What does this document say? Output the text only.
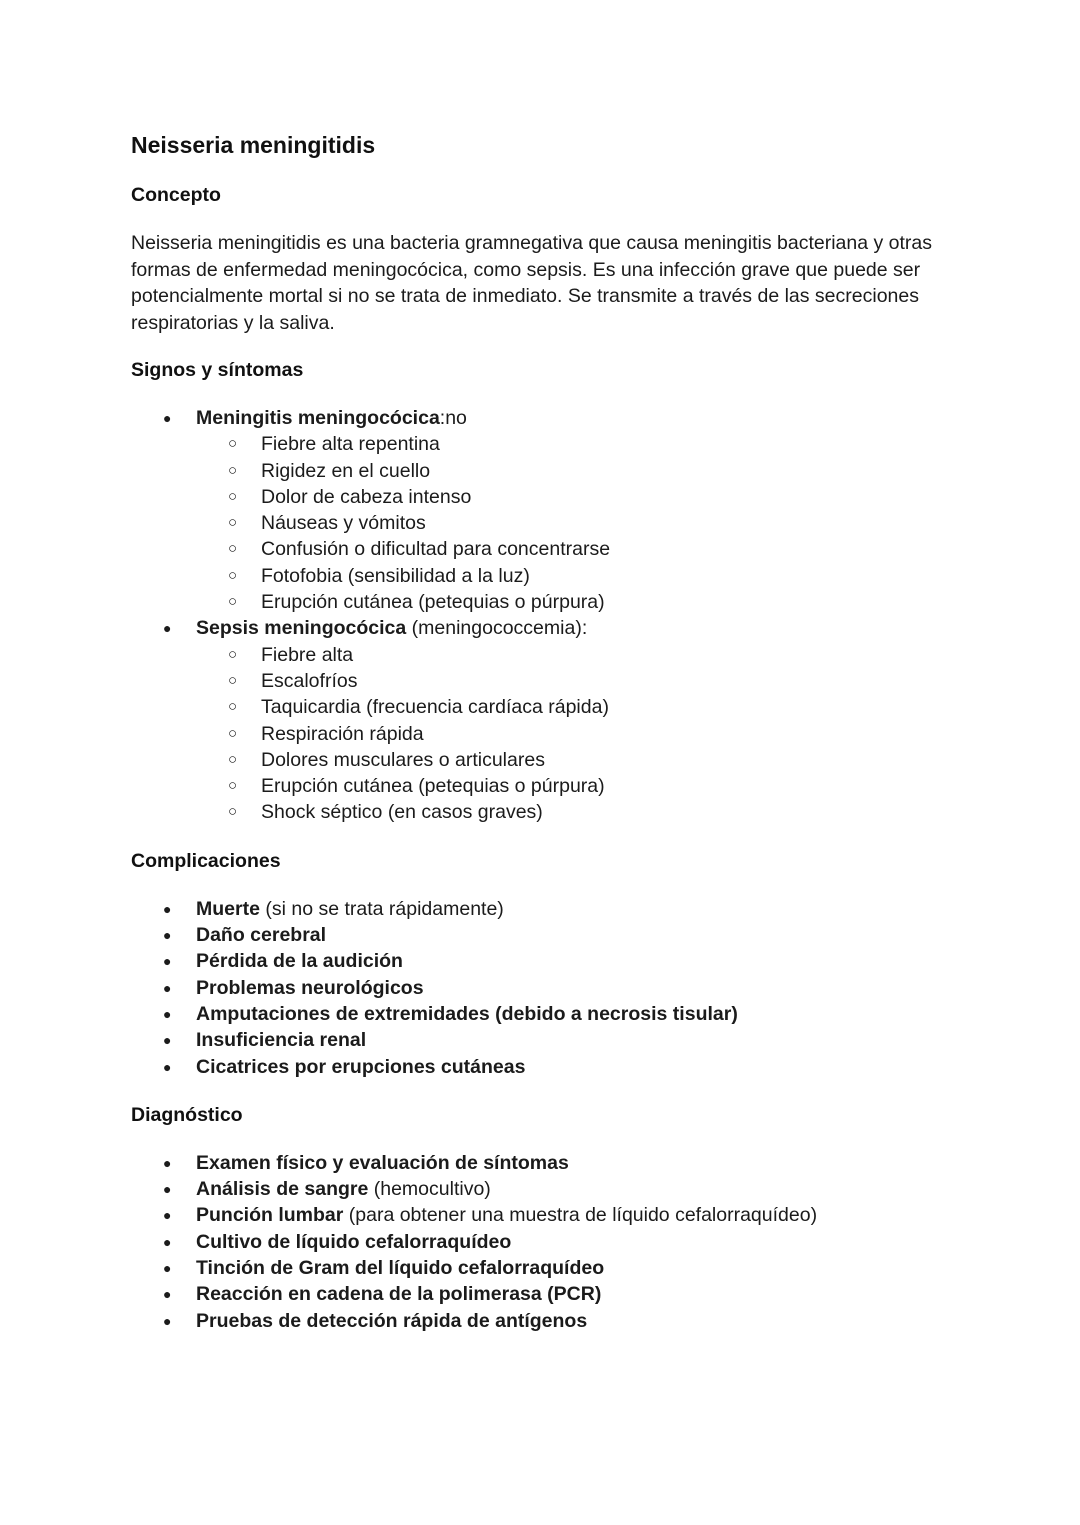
Neisseria meningitidis
Concepto

Neisseria meningitidis es una bacteria gramnegativa que causa meningitis bacteriana y otras formas de enfermedad meningocócica, como sepsis. Es una infección grave que puede ser potencialmente mortal si no se trata de inmediato. Se transmite a través de las secreciones respiratorias y la saliva.

Signos y síntomas
● Meningitis meningocócica:no
○ Fiebre alta repentina
○ Rigidez en el cuello
○ Dolor de cabeza intenso
○ Náuseas y vómitos
○ Confusión o dificultad para concentrarse
○ Fotofobia (sensibilidad a la luz)
○ Erupción cutánea (petequias o púrpura)
● Sepsis meningocócica (meningococcemia):
○ Fiebre alta
○ Escalofríos
○ Taquicardia (frecuencia cardíaca rápida)
○ Respiración rápida
○ Dolores musculares o articulares
○ Erupción cutánea (petequias o púrpura)
○ Shock séptico (en casos graves)
Complicaciones
● Muerte (si no se trata rápidamente)
● Daño cerebral
● Pérdida de la audición
● Problemas neurológicos
● Amputaciones de extremidades (debido a necrosis tisular)
● Insuficiencia renal
● Cicatrices por erupciones cutáneas
Diagnóstico
● Examen físico y evaluación de síntomas
● Análisis de sangre (hemocultivo)
● Punción lumbar (para obtener una muestra de líquido cefalorraquídeo)
● Cultivo de líquido cefalorraquídeo
● Tinción de Gram del líquido cefalorraquídeo
● Reacción en cadena de la polimerasa (PCR)
● Pruebas de detección rápida de antígenos
